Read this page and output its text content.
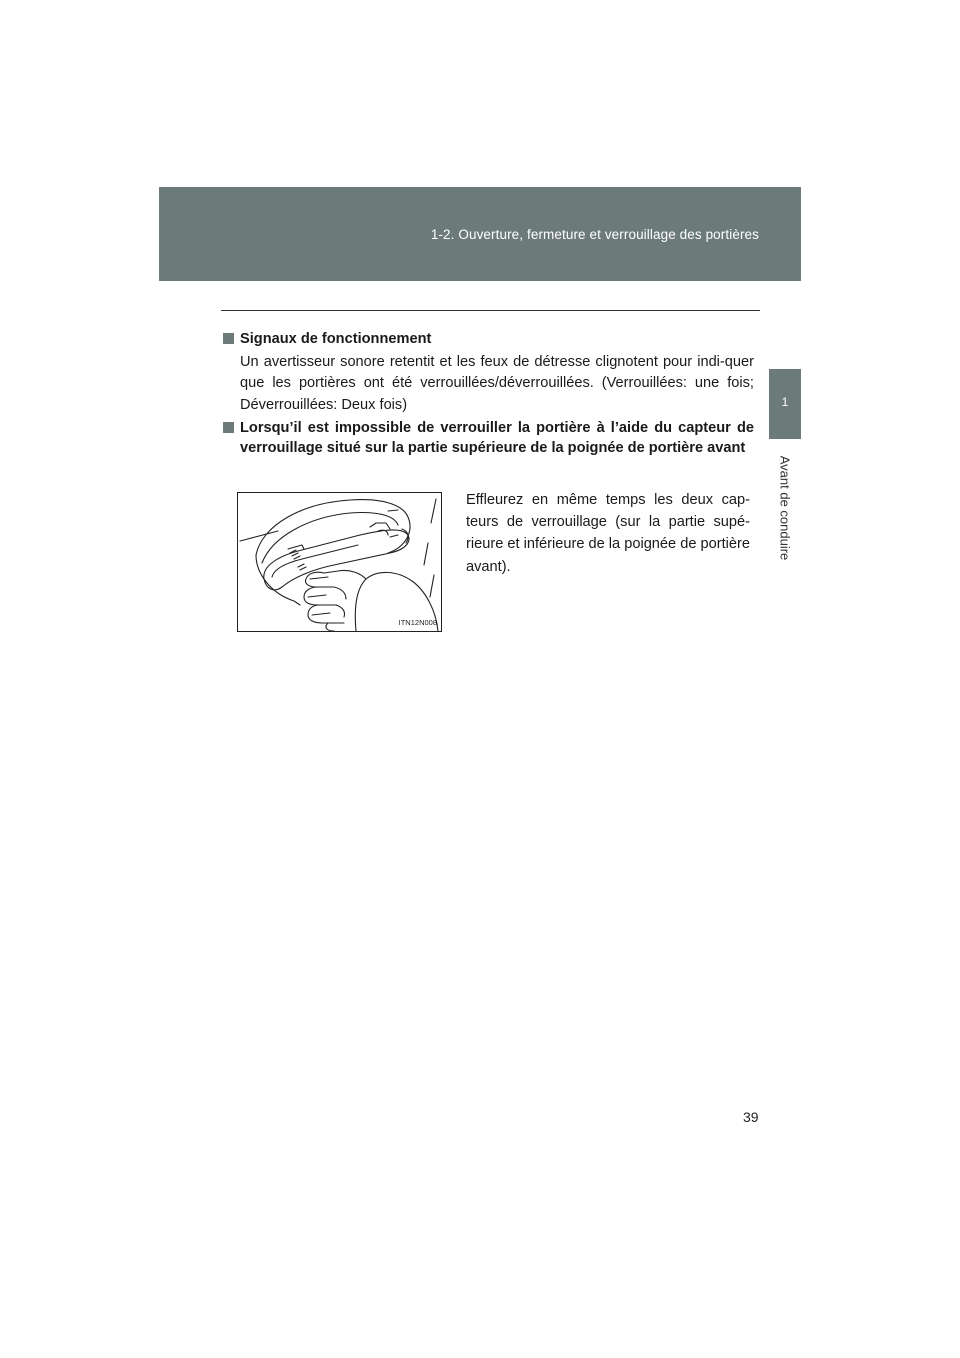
1-2. Ouverture, fermeture et verrouillage des portières
1
Avant de conduire
Signaux de fonctionnement
Un avertisseur sonore retentit et les feux de détresse clignotent pour indi-quer que les portières ont été verrouillées/déverrouillées. (Verrouillées: une fois; Déverrouillées: Deux fois)
Lorsqu’il est impossible de verrouiller la portière à l’aide du capteur de verrouillage situé sur la partie supérieure de la poignée de portière avant
ITN12N008
Effleurez en même temps les deux cap-teurs de verrouillage (sur la partie supé-rieure et inférieure de la poignée de portière avant).
39
